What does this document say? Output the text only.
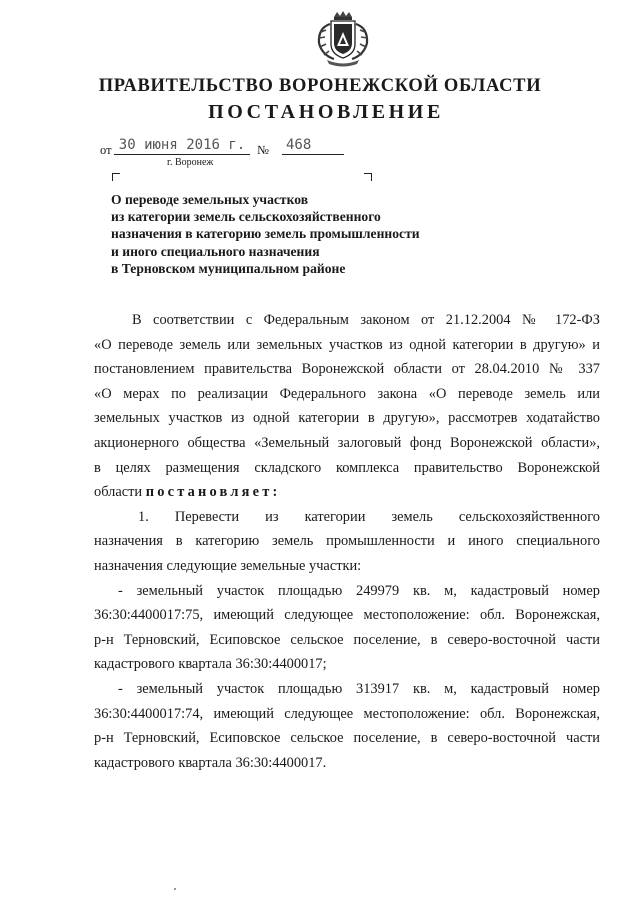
ПРАВИТЕЛЬСТВО ВОРОНЕЖСКОЙ ОБЛАСТИ
ПОСТАНОВЛЕНИЕ
от 30 июня 2016 г. № 468
г. Воронеж
О переводе земельных участков
из категории земель сельскохозяйственного
назначения в категорию земель промышленности
и иного специального назначения
в Терновском муниципальном районе
В соответствии с Федеральным законом от 21.12.2004 № 172-ФЗ
«О переводе земель или земельных участков из одной категории в другую» и
постановлением правительства Воронежской области от 28.04.2010 № 337
«О мерах по реализации Федерального закона «О переводе земель или
земельных участков из одной категории в другую», рассмотрев ходатайство
акционерного общества «Земельный залоговый фонд Воронежской области»,
в целях размещения складского комплекса правительство Воронежской
области постановляет:
1. Перевести из категории земель сельскохозяйственного
назначения в категорию земель промышленности и иного специального
назначения следующие земельные участки:
- земельный участок площадью 249979 кв. м, кадастровый номер
36:30:4400017:75, имеющий следующее местоположение: обл. Воронежская,
р-н Терновский, Есиповское сельское поселение, в северо-восточной части
кадастрового квартала 36:30:4400017;
- земельный участок площадью 313917 кв. м, кадастровый номер
36:30:4400017:74, имеющий следующее местоположение: обл. Воронежская,
р-н Терновский, Есиповское сельское поселение, в северо-восточной части
кадастрового квартала 36:30:4400017.
